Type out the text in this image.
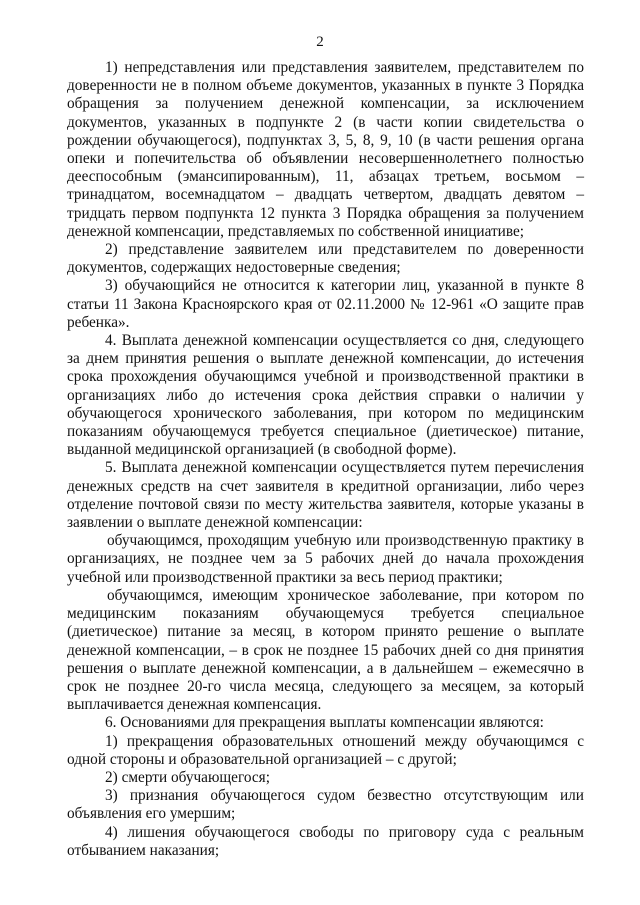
2

1) непредставления или представления заявителем, представителем по доверенности не в полном объеме документов, указанных в пункте 3 Порядка обращения за получением денежной компенсации, за исключением документов, указанных в подпункте 2 (в части копии свидетельства о рождении обучающегося), подпунктах 3, 5, 8, 9, 10 (в части решения органа опеки и попечительства об объявлении несовершеннолетнего полностью дееспособным (эмансипированным), 11, абзацах третьем, восьмом – тринадцатом, восемнадцатом – двадцать четвертом, двадцать девятом – тридцать первом подпункта 12 пункта 3 Порядка обращения за получением денежной компенсации, представляемых по собственной инициативе;

2) представление заявителем или представителем по доверенности документов, содержащих недостоверные сведения;

3) обучающийся не относится к категории лиц, указанной в пункте 8 статьи 11 Закона Красноярского края от 02.11.2000 № 12-961 «О защите прав ребенка».

4. Выплата денежной компенсации осуществляется со дня, следующего за днем принятия решения о выплате денежной компенсации, до истечения срока прохождения обучающимся учебной и производственной практики в организациях либо до истечения срока действия справки о наличии у обучающегося хронического заболевания, при котором по медицинским показаниям обучающемуся требуется специальное (диетическое) питание, выданной медицинской организацией (в свободной форме).

5. Выплата денежной компенсации осуществляется путем перечисления денежных средств на счет заявителя в кредитной организации, либо через отделение почтовой связи по месту жительства заявителя, которые указаны в заявлении о выплате денежной компенсации:

обучающимся, проходящим учебную или производственную практику в организациях, не позднее чем за 5 рабочих дней до начала прохождения учебной или производственной практики за весь период практики;

обучающимся, имеющим хроническое заболевание, при котором по медицинским показаниям обучающемуся требуется специальное (диетическое) питание за месяц, в котором принято решение о выплате денежной компенсации, – в срок не позднее 15 рабочих дней со дня принятия решения о выплате денежной компенсации, а в дальнейшем – ежемесячно в срок не позднее 20-го числа месяца, следующего за месяцем, за который выплачивается денежная компенсация.

6. Основаниями для прекращения выплаты компенсации являются:

1) прекращения образовательных отношений между обучающимся с одной стороны и образовательной организацией – с другой;

2) смерти обучающегося;

3) признания обучающегося судом безвестно отсутствующим или объявления его умершим;

4) лишения обучающегося свободы по приговору суда с реальным отбыванием наказания;
